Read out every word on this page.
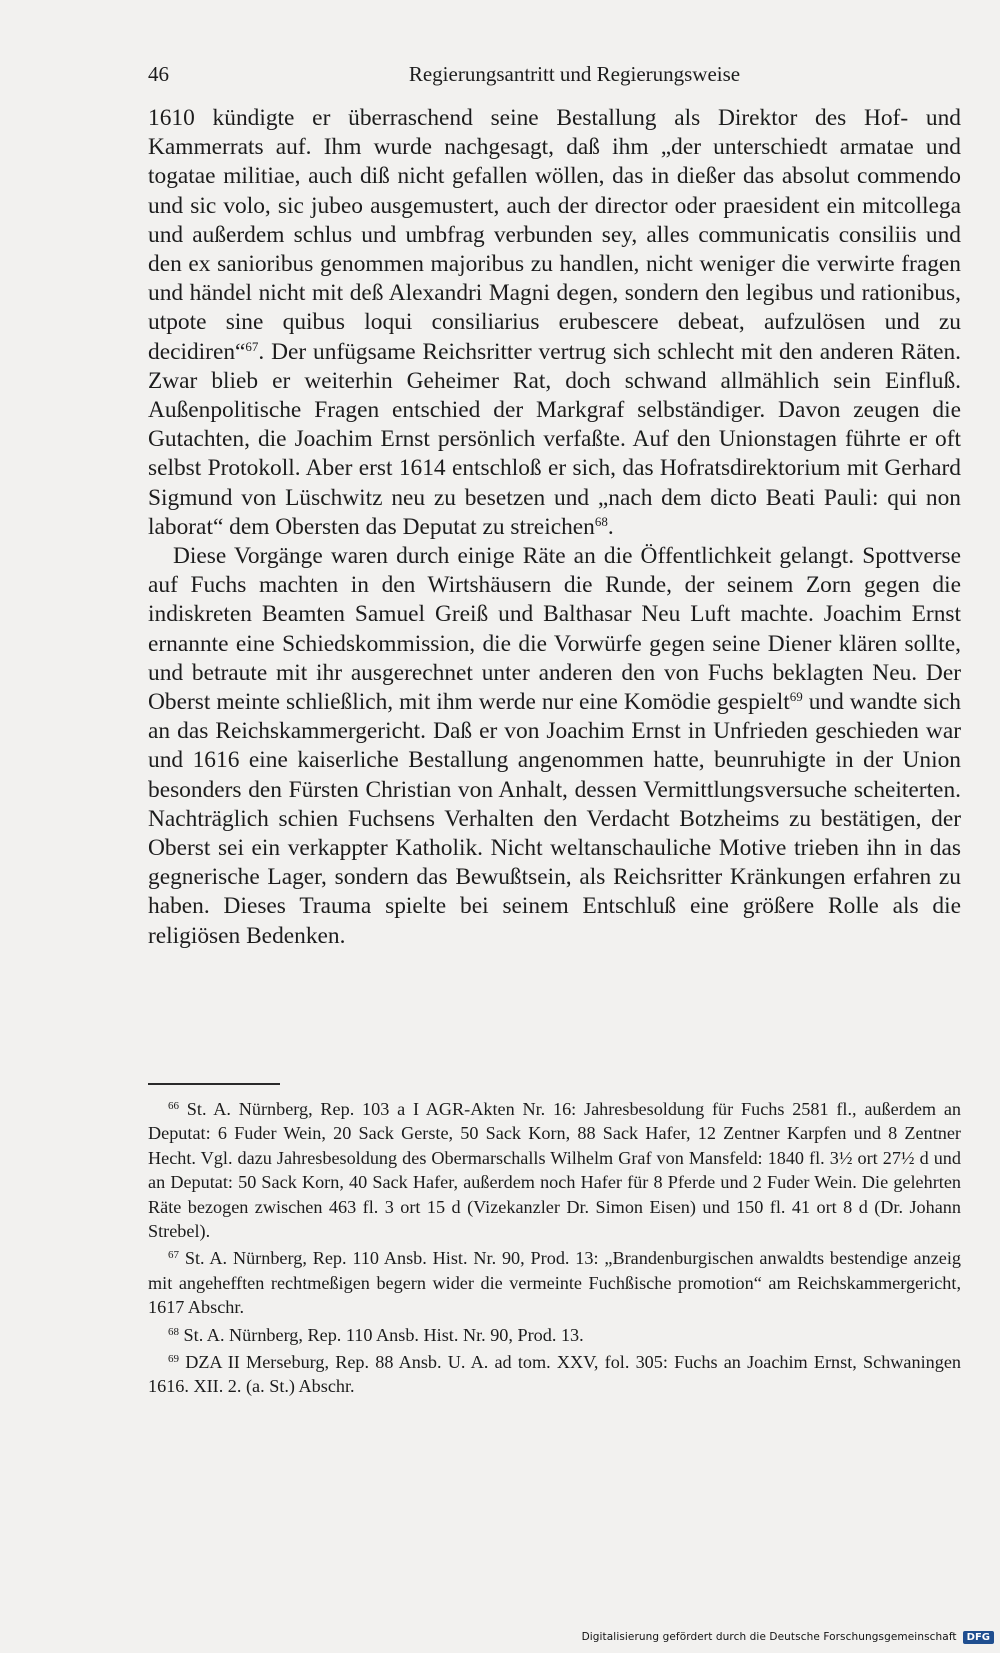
46	Regierungsantritt und Regierungsweise

1610 kündigte er überraschend seine Bestallung als Direktor des Hof- und Kammerrats auf. Ihm wurde nachgesagt, daß ihm „der unterschiedt armatae und togatae militiae, auch diß nicht gefallen wöllen, das in dießer das absolut commendo und sic volo, sic jubeo ausgemustert, auch der director oder praesident ein mitcollega und außerdem schlus und umbfrag verbunden sey, alles communicatis consiliis und den ex sanioribus genommen majoribus zu handlen, nicht weniger die verwirte fragen und händel nicht mit deß Alexandri Magni degen, sondern den legibus und rationibus, utpote sine quibus loqui consiliarius erubescere debeat, aufzulösen und zu decidiren“$^{67}$. Der unfügsame Reichsritter vertrug sich schlecht mit den anderen Räten. Zwar blieb er weiterhin Geheimer Rat, doch schwand allmählich sein Einfluß. Außenpolitische Fragen entschied der Markgraf selbständiger. Davon zeugen die Gutachten, die Joachim Ernst persönlich verfaßte. Auf den Unionstagen führte er oft selbst Protokoll. Aber erst 1614 entschloß er sich, das Hofratsdirektorium mit Gerhard Sigmund von Lüschwitz neu zu besetzen und „nach dem dicto Beati Pauli: qui non laborat“ dem Obersten das Deputat zu streichen$^{68}$.

Diese Vorgänge waren durch einige Räte an die Öffentlichkeit gelangt. Spottverse auf Fuchs machten in den Wirtshäusern die Runde, der seinem Zorn gegen die indiskreten Beamten Samuel Greiß und Balthasar Neu Luft machte. Joachim Ernst ernannte eine Schiedskommission, die die Vorwürfe gegen seine Diener klären sollte, und betraute mit ihr ausgerechnet unter anderen den von Fuchs beklagten Neu. Der Oberst meinte schließlich, mit ihm werde nur eine Komödie gespielt$^{69}$ und wandte sich an das Reichskammergericht. Daß er von Joachim Ernst in Unfrieden geschieden war und 1616 eine kaiserliche Bestallung angenommen hatte, beunruhigte in der Union besonders den Fürsten Christian von Anhalt, dessen Vermittlungsversuche scheiterten. Nachträglich schien Fuchsens Verhalten den Verdacht Botzheims zu bestätigen, der Oberst sei ein verkappter Katholik. Nicht weltanschauliche Motive trieben ihn in das gegnerische Lager, sondern das Bewußtsein, als Reichsritter Kränkungen erfahren zu haben. Dieses Trauma spielte bei seinem Entschluß eine größere Rolle als die religiösen Bedenken.

$^{66}$ St. A. Nürnberg, Rep. 103 a I AGR-Akten Nr. 16: Jahresbesoldung für Fuchs 2581 fl., außerdem an Deputat: 6 Fuder Wein, 20 Sack Gerste, 50 Sack Korn, 88 Sack Hafer, 12 Zentner Karpfen und 8 Zentner Hecht. Vgl. dazu Jahresbesoldung des Obermarschalls Wilhelm Graf von Mansfeld: 1840 fl. 3½ ort 27½ d und an Deputat: 50 Sack Korn, 40 Sack Hafer, außerdem noch Hafer für 8 Pferde und 2 Fuder Wein. Die gelehrten Räte bezogen zwischen 463 fl. 3 ort 15 d (Vizekanzler Dr. Simon Eisen) und 150 fl. 41 ort 8 d (Dr. Johann Strebel).

$^{67}$ St. A. Nürnberg, Rep. 110 Ansb. Hist. Nr. 90, Prod. 13: „Brandenburgischen anwaldts bestendige anzeig mit angehefften rechtmeßigen begern wider die vermeinte Fuchßische promotion“ am Reichskammergericht, 1617 Abschr.

$^{68}$ St. A. Nürnberg, Rep. 110 Ansb. Hist. Nr. 90, Prod. 13.

$^{69}$ DZA II Merseburg, Rep. 88 Ansb. U. A. ad tom. XXV, fol. 305: Fuchs an Joachim Ernst, Schwaningen 1616. XII. 2. (a. St.) Abschr.

Digitalisierung gefördert durch die Deutsche Forschungsgemeinschaft	DFG
